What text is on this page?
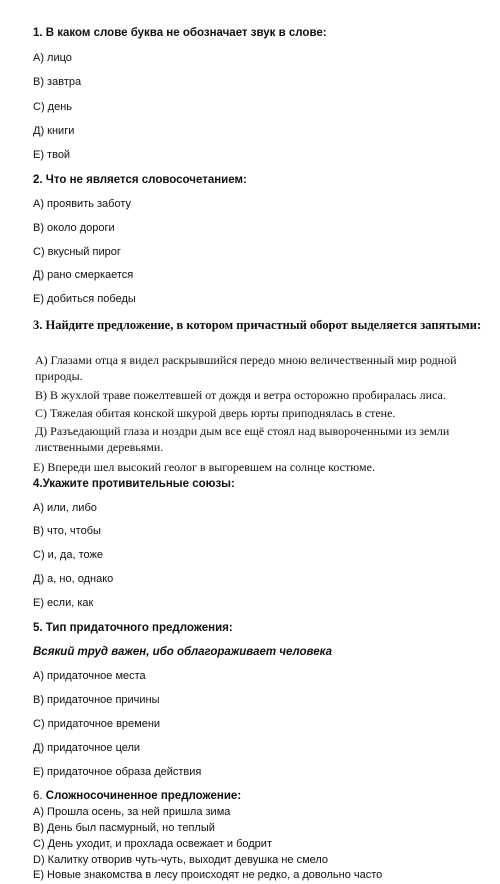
1. В каком слове буква не обозначает звук в слове:
А) лицо
В) завтра
С) день
Д) книги
Е) твой
2. Что не является словосочетанием:
А) проявить заботу
В) около дороги
С) вкусный пирог
Д) рано смеркается
Е) добиться победы
3. Найдите предложение, в котором причастный оборот выделяется запятыми:
А) Глазами отца я видел раскрывшийся передо мною величественный мир родной природы.
В) В жухлой траве пожелтевшей от дождя и ветра осторожно пробиралась лиса.
С) Тяжелая обитая конской шкурой дверь юрты приподнялась в стене.
Д) Разъедающий глаза и ноздри дым все ещё стоял над вывороченными из земли лиственными деревьями.
Е) Впереди шел высокий геолог в выгоревшем на солнце костюме.
4.Укажите противительные союзы:
А) или, либо
В) что, чтобы
С) и, да, тоже
Д) а, но, однако
Е) если, как
5. Тип придаточного предложения:
Всякий труд важен, ибо облагораживает человека
А) придаточное места
В) придаточное причины
С) придаточное времени
Д) придаточное цели
Е) придаточное образа действия
6. Сложносочиненное предложение:
А) Прошла осень, за ней пришла зима
В) День был пасмурный, но теплый
С) День уходит, и прохлада освежает и бодрит
D) Калитку отворив чуть-чуть, выходит девушка не смело
Е) Новые знакомства в лесу происходят не редко, а довольно часто
